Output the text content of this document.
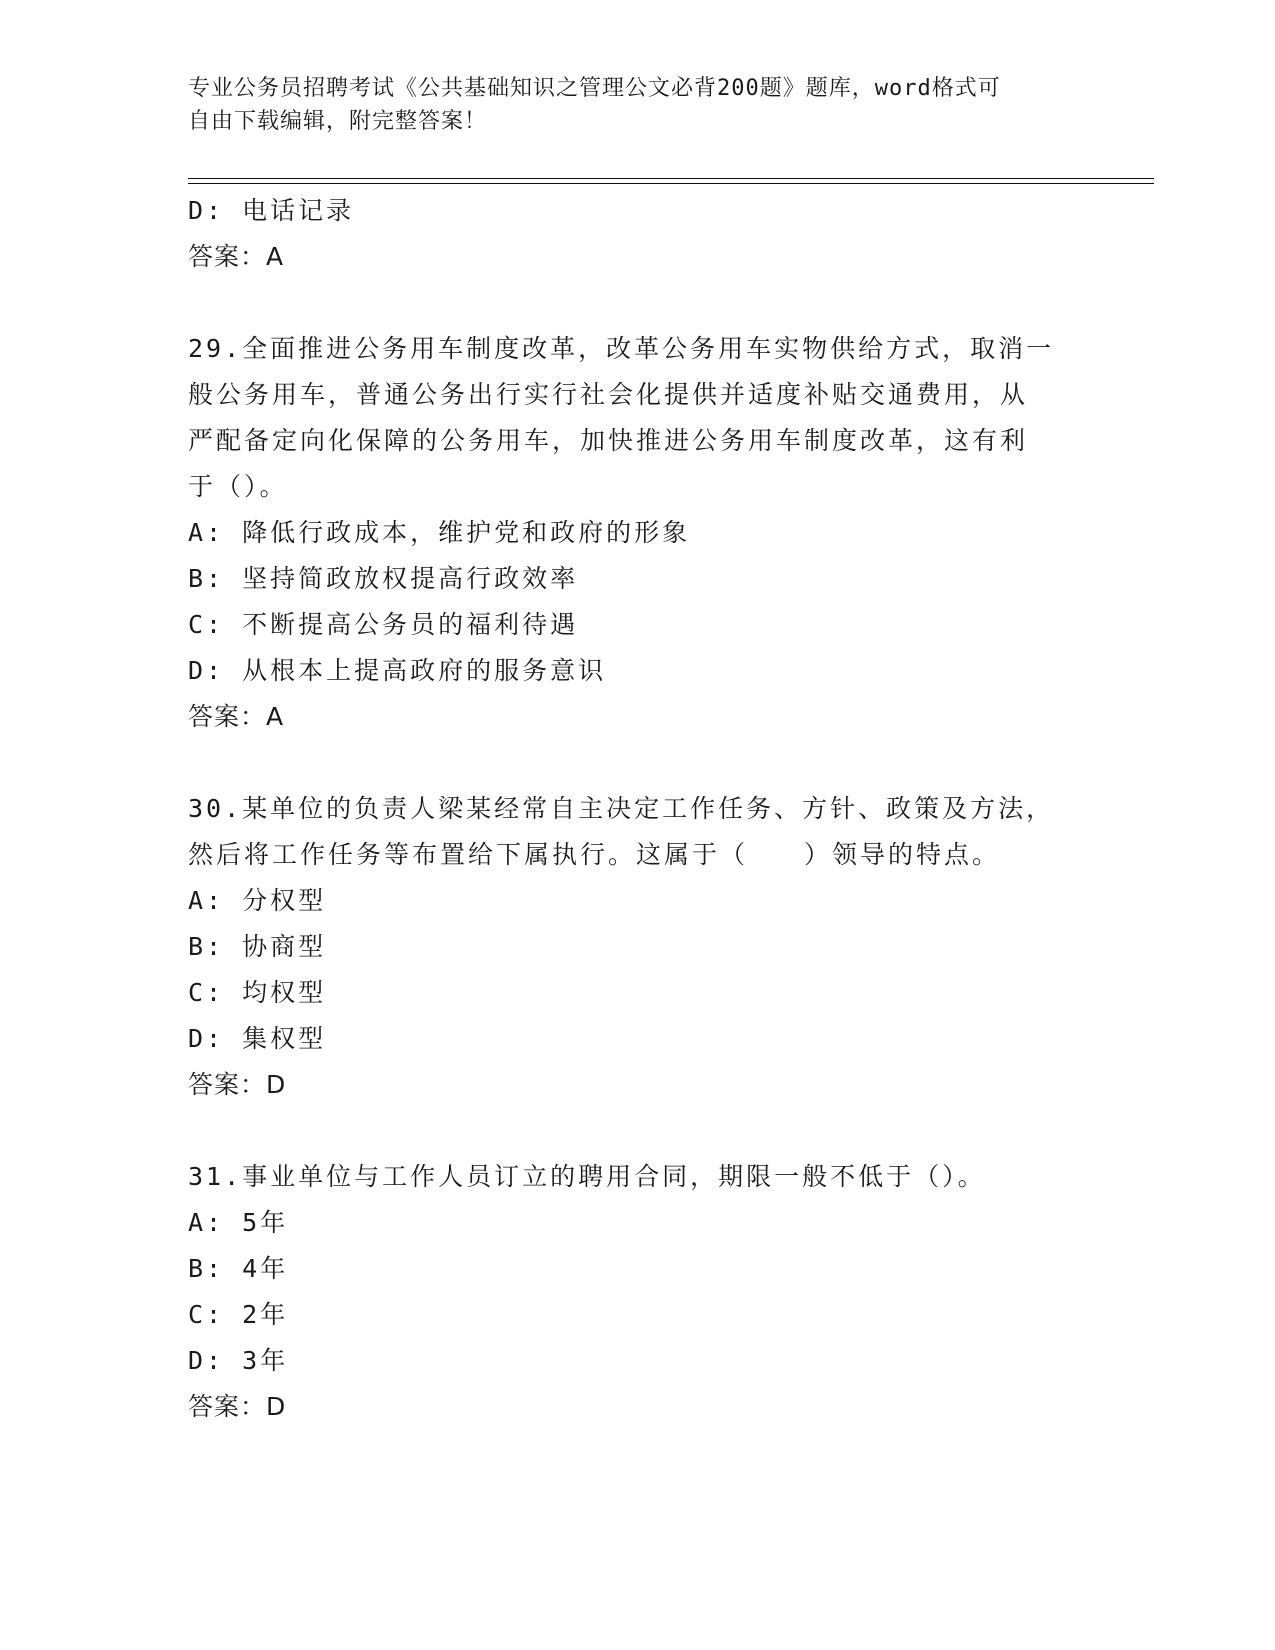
专业公务员招聘考试《公共基础知识之管理公文必背200题》题库，word格式可
自由下载编辑，附完整答案！
D: 电话记录
答案：A
29.全面推进公务用车制度改革，改革公务用车实物供给方式，取消一
般公务用车，普通公务出行实行社会化提供并适度补贴交通费用，从
严配备定向化保障的公务用车，加快推进公务用车制度改革，这有利
于（）。
A: 降低行政成本，维护党和政府的形象
B: 坚持简政放权提高行政效率
C: 不断提高公务员的福利待遇
D: 从根本上提高政府的服务意识
答案：A
30.某单位的负责人梁某经常自主决定工作任务、方针、政策及方法，
然后将工作任务等布置给下属执行。这属于（　　）领导的特点。
A: 分权型
B: 协商型
C: 均权型
D: 集权型
答案：D
31.事业单位与工作人员订立的聘用合同，期限一般不低于（）。
A: 5年
B: 4年
C: 2年
D: 3年
答案：D
